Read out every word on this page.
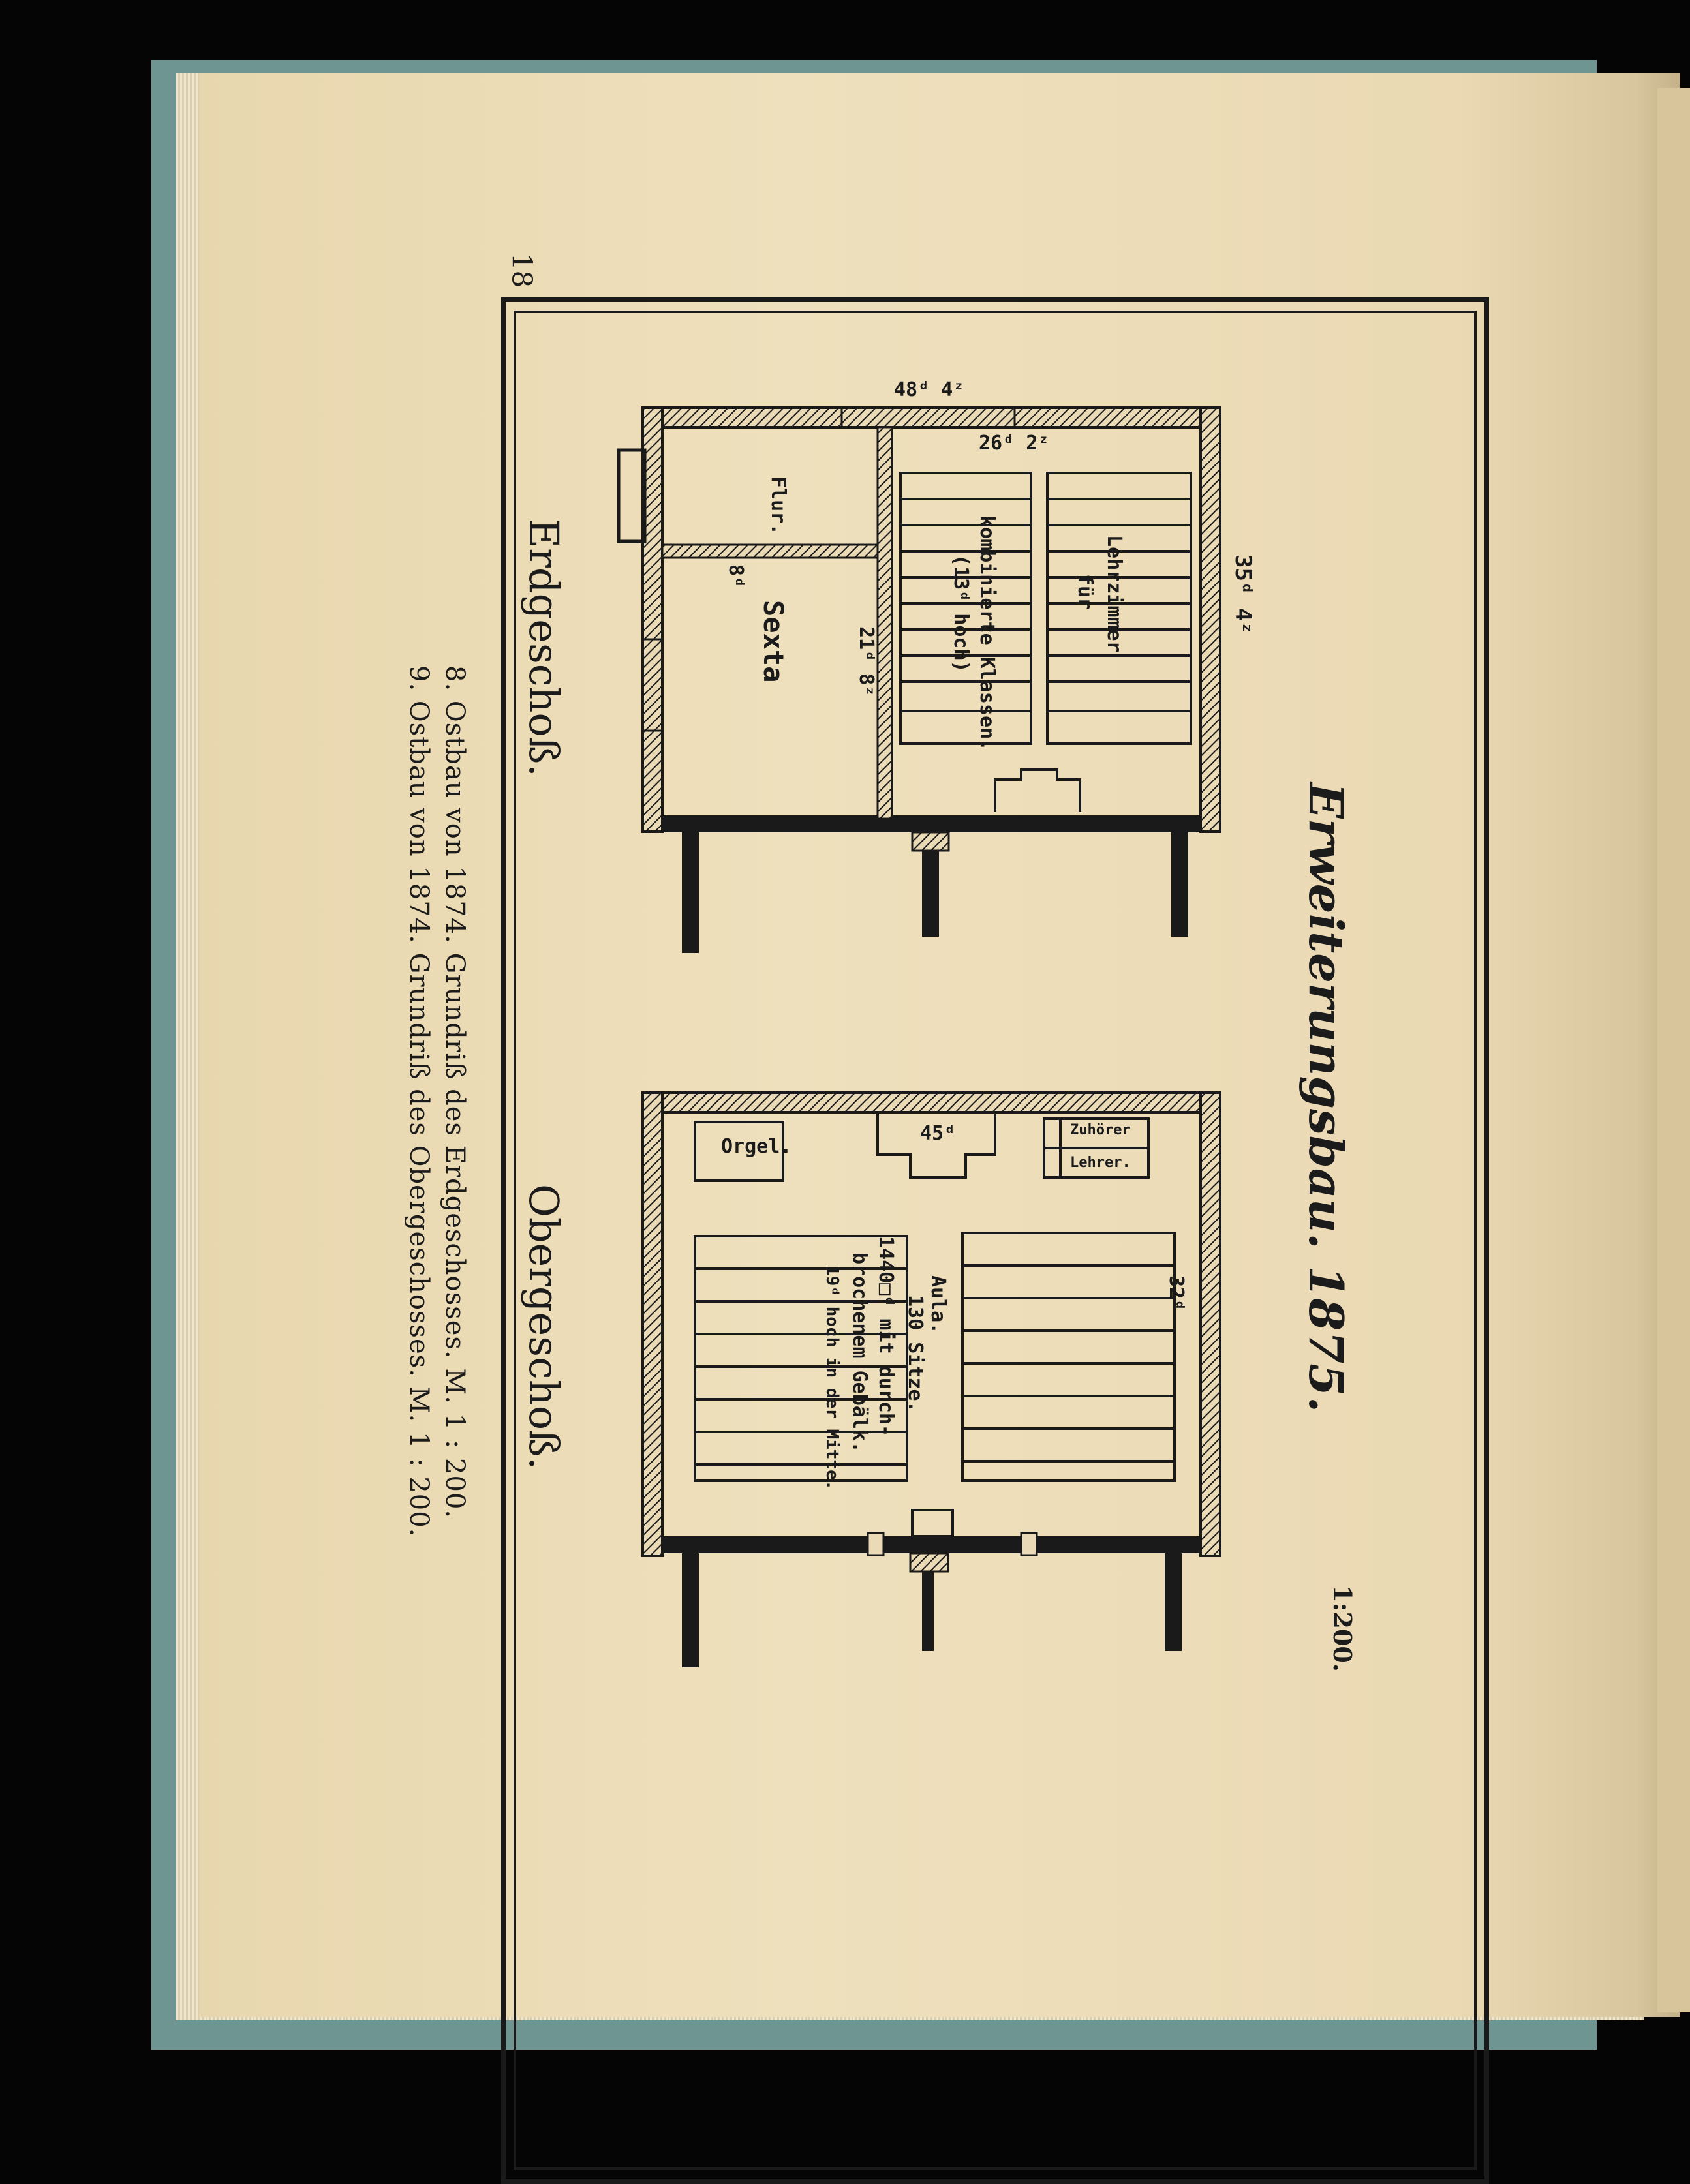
18
Erweiterungsbau. 1875.
Erdgeschoß.
Obergeschoß.
Flur.
Sexta
8ᵈ
21ᵈ 8ᶻ	kombinierte Klassen.
(13ᵈ hoch)	Lehrzimmer
für	35ᵈ 4ᶻ
48ᵈ 4ᶻ
26ᵈ 2ᶻ
Orgel.
45ᵈ	Zuhörer
Lehrer.
Aula.
130 Sitze.
1440□ᵈ mit durch-
brochenem Gebälk.
19ᵈ hoch in der Mitte.	32ᵈ
1:200.
8. Ostbau von 1874. Grundriß des Erdgeschosses. M. 1 : 200.
9. Ostbau von 1874. Grundriß des Obergeschosses. M. 1 : 200.
